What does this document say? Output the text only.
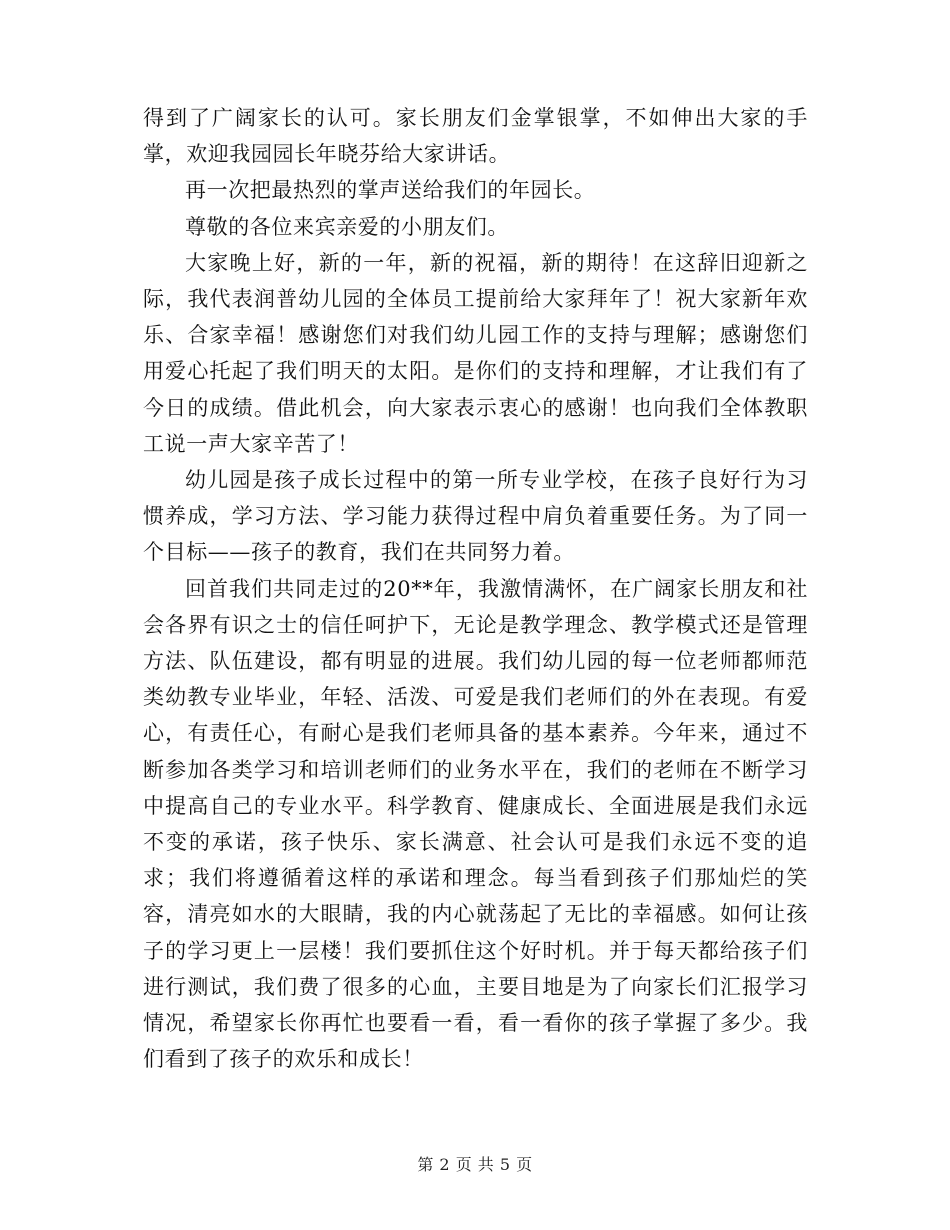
得到了广阔家长的认可。家长朋友们金掌银掌，不如伸出大家的手掌，欢迎我园园长年晓芬给大家讲话。

再一次把最热烈的掌声送给我们的年园长。

尊敬的各位来宾亲爱的小朋友们。

大家晚上好，新的一年，新的祝福，新的期待！在这辞旧迎新之际，我代表润普幼儿园的全体员工提前给大家拜年了！祝大家新年欢乐、合家幸福！感谢您们对我们幼儿园工作的支持与理解；感谢您们用爱心托起了我们明天的太阳。是你们的支持和理解，才让我们有了今日的成绩。借此机会，向大家表示衷心的感谢！也向我们全体教职工说一声大家辛苦了！

幼儿园是孩子成长过程中的第一所专业学校，在孩子良好行为习惯养成，学习方法、学习能力获得过程中肩负着重要任务。为了同一个目标——孩子的教育，我们在共同努力着。

回首我们共同走过的20**年，我激情满怀，在广阔家长朋友和社会各界有识之士的信任呵护下，无论是教学理念、教学模式还是管理方法、队伍建设，都有明显的进展。我们幼儿园的每一位老师都师范类幼教专业毕业，年轻、活泼、可爱是我们老师们的外在表现。有爱心，有责任心，有耐心是我们老师具备的基本素养。今年来，通过不断参加各类学习和培训老师们的业务水平在，我们的老师在不断学习中提高自己的专业水平。科学教育、健康成长、全面进展是我们永远不变的承诺，孩子快乐、家长满意、社会认可是我们永远不变的追求；我们将遵循着这样的承诺和理念。每当看到孩子们那灿烂的笑容，清亮如水的大眼睛，我的内心就荡起了无比的幸福感。如何让孩子的学习更上一层楼！我们要抓住这个好时机。并于每天都给孩子们进行测试，我们费了很多的心血，主要目地是为了向家长们汇报学习情况，希望家长你再忙也要看一看，看一看你的孩子掌握了多少。我们看到了孩子的欢乐和成长！

第 2 页 共 5 页
